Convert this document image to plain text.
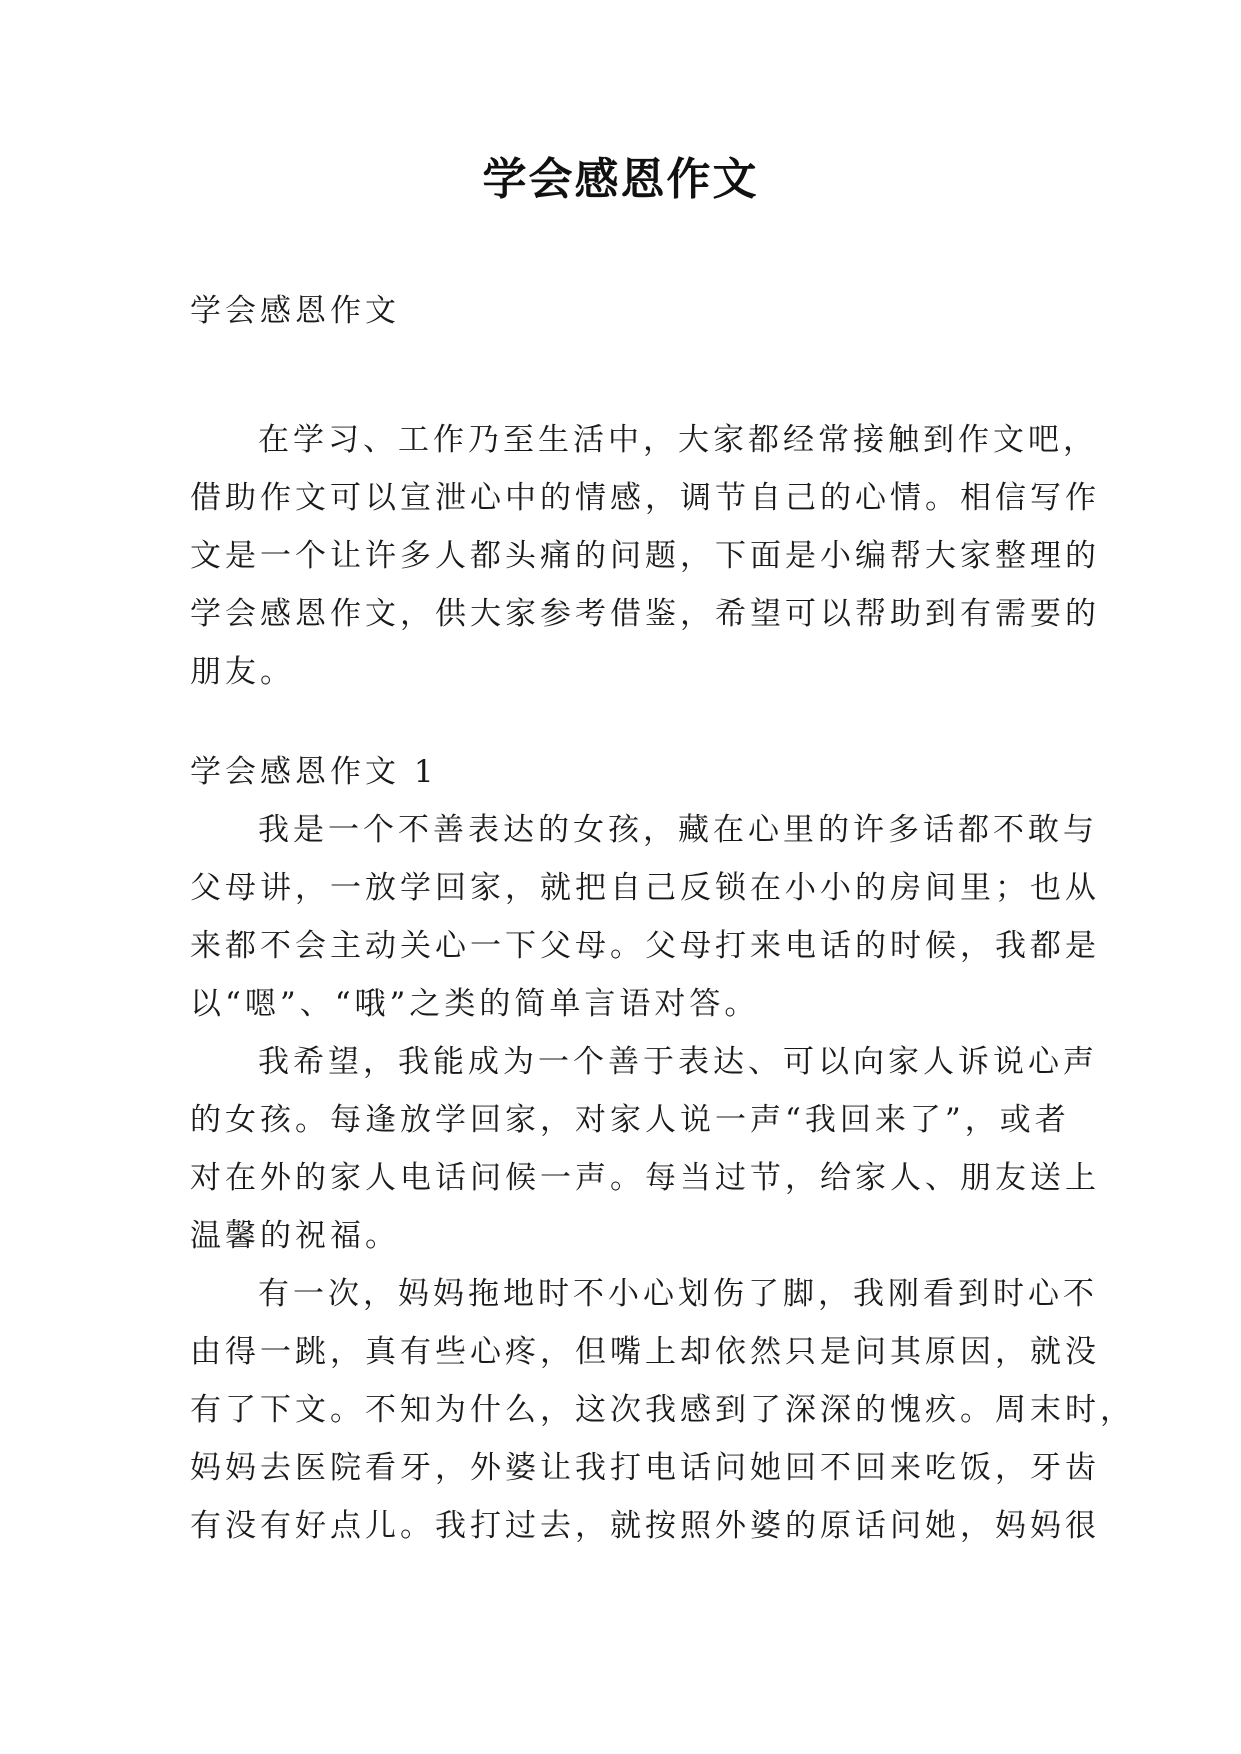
学会感恩作文
学会感恩作文
在学习、工作乃至生活中，大家都经常接触到作文吧，
借助作文可以宣泄心中的情感，调节自己的心情。相信写作
文是一个让许多人都头痛的问题，下面是小编帮大家整理的
学会感恩作文，供大家参考借鉴，希望可以帮助到有需要的
朋友。
学会感恩作文 1
我是一个不善表达的女孩，藏在心里的许多话都不敢与
父母讲，一放学回家，就把自己反锁在小小的房间里；也从
来都不会主动关心一下父母。父母打来电话的时候，我都是
以“嗯”、“哦”之类的简单言语对答。
我希望，我能成为一个善于表达、可以向家人诉说心声
的女孩。每逢放学回家，对家人说一声“我回来了”，或者
对在外的家人电话问候一声。每当过节，给家人、朋友送上
温馨的祝福。
有一次，妈妈拖地时不小心划伤了脚，我刚看到时心不
由得一跳，真有些心疼，但嘴上却依然只是问其原因，就没
有了下文。不知为什么，这次我感到了深深的愧疚。周末时，
妈妈去医院看牙，外婆让我打电话问她回不回来吃饭，牙齿
有没有好点儿。我打过去，就按照外婆的原话问她，妈妈很
